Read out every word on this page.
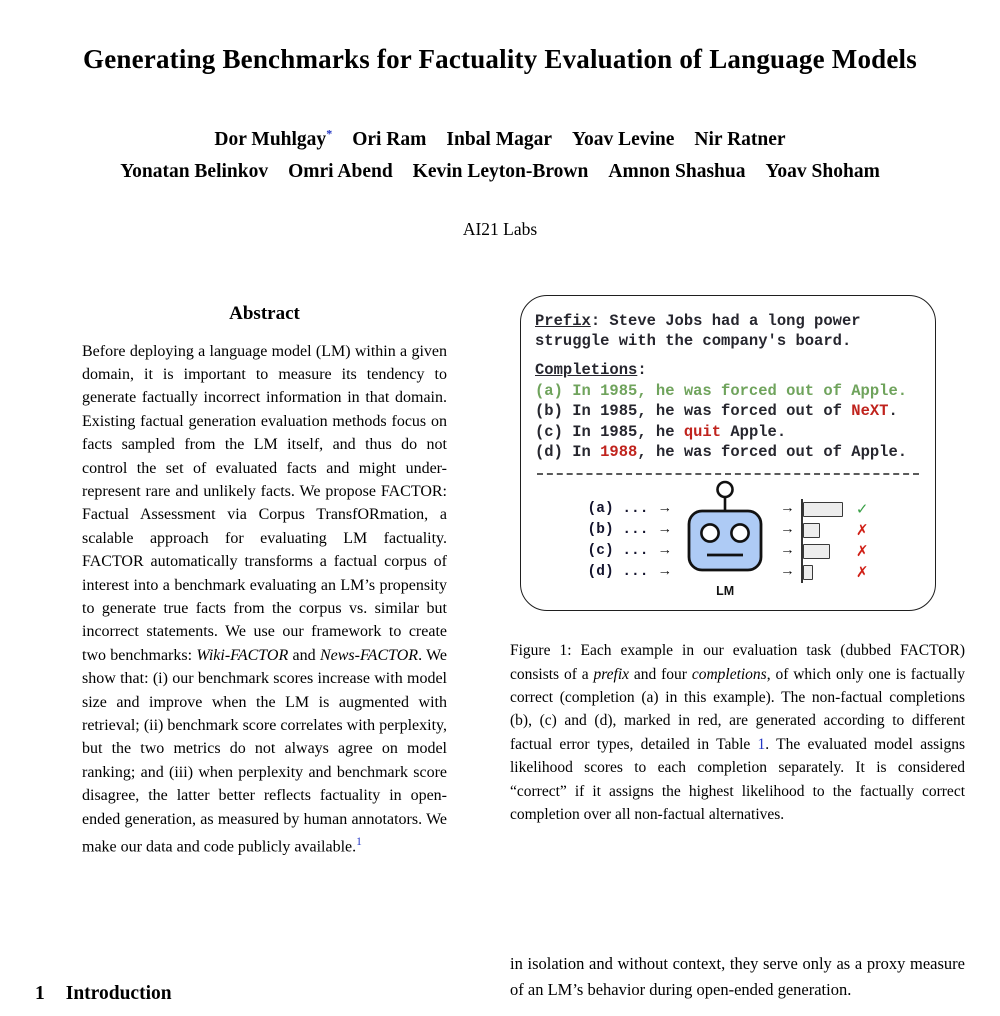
Generating Benchmarks for Factuality Evaluation of Language Models
Dor Muhlgay* Ori Ram Inbal Magar Yoav Levine Nir Ratner
Yonatan Belinkov Omri Abend Kevin Leyton-Brown Amnon Shashua Yoav Shoham
AI21 Labs
Abstract

Before deploying a language model (LM) within a given domain, it is important to measure its tendency to generate factually incorrect information in that domain. Existing factual generation evaluation methods focus on facts sampled from the LM itself, and thus do not control the set of evaluated facts and might under-represent rare and unlikely facts. We propose FACTOR: Factual Assessment via Corpus TransfORmation, a scalable approach for evaluating LM factuality. FACTOR automatically transforms a factual corpus of interest into a benchmark evaluating an LM’s propensity to generate true facts from the corpus vs. similar but incorrect statements. We use our framework to create two benchmarks: Wiki-FACTOR and News-FACTOR. We show that: (i) our benchmark scores increase with model size and improve when the LM is augmented with retrieval; (ii) benchmark score correlates with perplexity, but the two metrics do not always agree on model ranking; and (iii) when perplexity and benchmark score disagree, the latter better reflects factuality in open-ended generation, as measured by human annotators. We make our data and code publicly available.$^1$

1 Introduction
Prefix: Steve Jobs had a long power struggle with the company's board.
Completions:
(a) In 1985, he was forced out of Apple.
(b) In 1985, he was forced out of NeXT.
(c) In 1985, he quit Apple.
(d) In 1988, he was forced out of Apple.
(a) ... →
(b) ... →
(c) ... →
(d) ... →
LM
→
→
→
→
✓
✗
✗
✗

Figure 1: Each example in our evaluation task (dubbed FACTOR) consists of a prefix and four completions, of which only one is factually correct (completion (a) in this example). The non-factual completions (b), (c) and (d), marked in red, are generated according to different factual error types, detailed in Table 1. The evaluated model assigns likelihood scores to each completion separately. It is considered “correct” if it assigns the highest likelihood to the factually correct completion over all non-factual alternatives.

in isolation and without context, they serve only as a proxy measure of an LM’s behavior during open-ended generation.
